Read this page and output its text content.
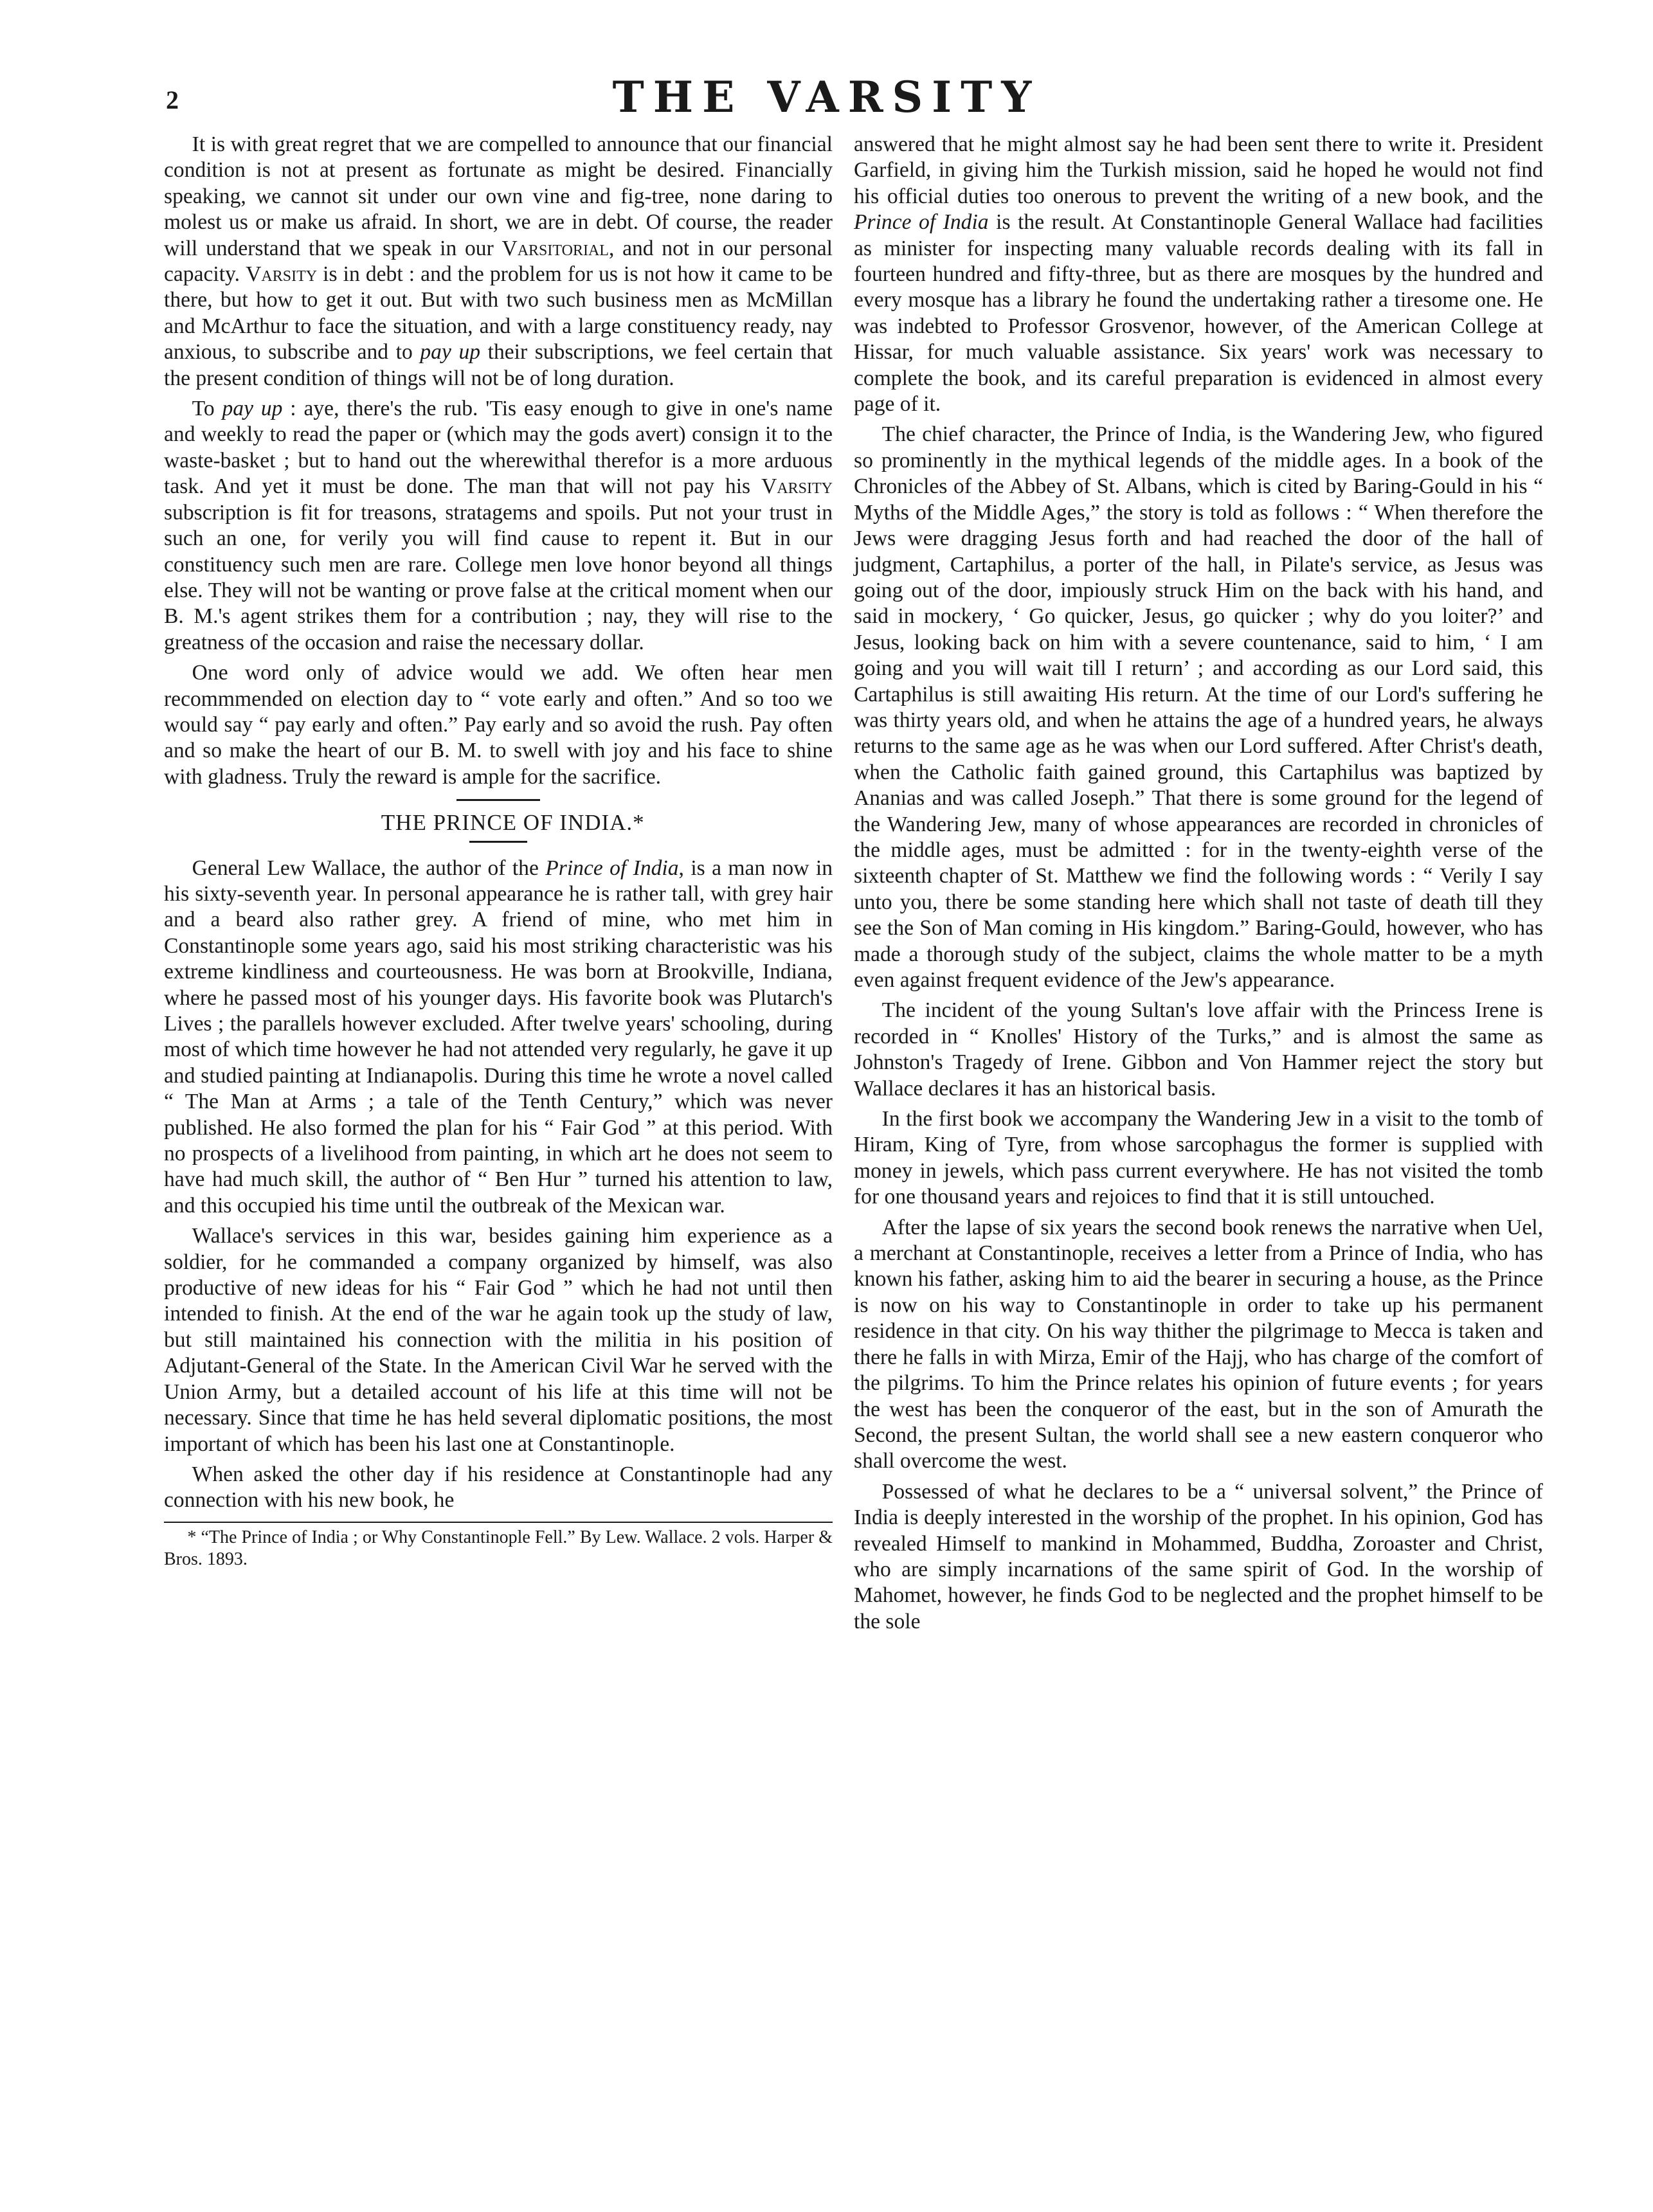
2	THE VARSITY

It is with great regret that we are compelled to announce that our financial condition is not at present as fortunate as might be desired. Financially speaking, we cannot sit under our own vine and fig-tree, none daring to molest us or make us afraid. In short, we are in debt. Of course, the reader will understand that we speak in our Varsitorial, and not in our personal capacity. Varsity is in debt : and the problem for us is not how it came to be there, but how to get it out. But with two such business men as McMillan and McArthur to face the situation, and with a large constituency ready, nay anxious, to subscribe and to pay up their subscriptions, we feel certain that the present condition of things will not be of long duration.

To pay up : aye, there's the rub. 'Tis easy enough to give in one's name and weekly to read the paper or (which may the gods avert) consign it to the waste-basket ; but to hand out the wherewithal therefor is a more arduous task. And yet it must be done. The man that will not pay his Varsity subscription is fit for treasons, stratagems and spoils. Put not your trust in such an one, for verily you will find cause to repent it. But in our constituency such men are rare. College men love honor beyond all things else. They will not be wanting or prove false at the critical moment when our B. M.'s agent strikes them for a contribution ; nay, they will rise to the greatness of the occasion and raise the necessary dollar.

One word only of advice would we add. We often hear men recommmended on election day to “ vote early and often.” And so too we would say “ pay early and often.” Pay early and so avoid the rush. Pay often and so make the heart of our B. M. to swell with joy and his face to shine with gladness. Truly the reward is ample for the sacrifice.

THE PRINCE OF INDIA.*

General Lew Wallace, the author of the Prince of India, is a man now in his sixty-seventh year. In personal appearance he is rather tall, with grey hair and a beard also rather grey. A friend of mine, who met him in Constantinople some years ago, said his most striking characteristic was his extreme kindliness and courteousness. He was born at Brookville, Indiana, where he passed most of his younger days. His favorite book was Plutarch's Lives ; the parallels however excluded. After twelve years' schooling, during most of which time however he had not attended very regularly, he gave it up and studied painting at Indianapolis. During this time he wrote a novel called “ The Man at Arms ; a tale of the Tenth Century,” which was never published. He also formed the plan for his “ Fair God ” at this period. With no prospects of a livelihood from painting, in which art he does not seem to have had much skill, the author of “ Ben Hur ” turned his attention to law, and this occupied his time until the outbreak of the Mexican war.

Wallace's services in this war, besides gaining him experience as a soldier, for he commanded a company organized by himself, was also productive of new ideas for his “ Fair God ” which he had not until then intended to finish. At the end of the war he again took up the study of law, but still maintained his connection with the militia in his position of Adjutant-General of the State. In the American Civil War he served with the Union Army, but a detailed account of his life at this time will not be necessary. Since that time he has held several diplomatic positions, the most important of which has been his last one at Constantinople.

When asked the other day if his residence at Constantinople had any connection with his new book, he

* “The Prince of India ; or Why Constantinople Fell.” By Lew. Wallace. 2 vols. Harper & Bros. 1893.

answered that he might almost say he had been sent there to write it. President Garfield, in giving him the Turkish mission, said he hoped he would not find his official duties too onerous to prevent the writing of a new book, and the Prince of India is the result. At Constantinople General Wallace had facilities as minister for inspecting many valuable records dealing with its fall in fourteen hundred and fifty-three, but as there are mosques by the hundred and every mosque has a library he found the undertaking rather a tiresome one. He was indebted to Professor Grosvenor, however, of the American College at Hissar, for much valuable assistance. Six years' work was necessary to complete the book, and its careful preparation is evidenced in almost every page of it.

The chief character, the Prince of India, is the Wandering Jew, who figured so prominently in the mythical legends of the middle ages. In a book of the Chronicles of the Abbey of St. Albans, which is cited by Baring-Gould in his “ Myths of the Middle Ages,” the story is told as follows : “ When therefore the Jews were dragging Jesus forth and had reached the door of the hall of judgment, Cartaphilus, a porter of the hall, in Pilate's service, as Jesus was going out of the door, impiously struck Him on the back with his hand, and said in mockery, ‘ Go quicker, Jesus, go quicker ; why do you loiter?’ and Jesus, looking back on him with a severe countenance, said to him, ‘ I am going and you will wait till I return’ ; and according as our Lord said, this Cartaphilus is still awaiting His return. At the time of our Lord's suffering he was thirty years old, and when he attains the age of a hundred years, he always returns to the same age as he was when our Lord suffered. After Christ's death, when the Catholic faith gained ground, this Cartaphilus was baptized by Ananias and was called Joseph.” That there is some ground for the legend of the Wandering Jew, many of whose appearances are recorded in chronicles of the middle ages, must be admitted : for in the twenty-eighth verse of the sixteenth chapter of St. Matthew we find the following words : “ Verily I say unto you, there be some standing here which shall not taste of death till they see the Son of Man coming in His kingdom.” Baring-Gould, however, who has made a thorough study of the subject, claims the whole matter to be a myth even against frequent evidence of the Jew's appearance.

The incident of the young Sultan's love affair with the Princess Irene is recorded in “ Knolles' History of the Turks,” and is almost the same as Johnston's Tragedy of Irene. Gibbon and Von Hammer reject the story but Wallace declares it has an historical basis.

In the first book we accompany the Wandering Jew in a visit to the tomb of Hiram, King of Tyre, from whose sarcophagus the former is supplied with money in jewels, which pass current everywhere. He has not visited the tomb for one thousand years and rejoices to find that it is still untouched.

After the lapse of six years the second book renews the narrative when Uel, a merchant at Constantinople, receives a letter from a Prince of India, who has known his father, asking him to aid the bearer in securing a house, as the Prince is now on his way to Constantinople in order to take up his permanent residence in that city. On his way thither the pilgrimage to Mecca is taken and there he falls in with Mirza, Emir of the Hajj, who has charge of the comfort of the pilgrims. To him the Prince relates his opinion of future events ; for years the west has been the conqueror of the east, but in the son of Amurath the Second, the present Sultan, the world shall see a new eastern conqueror who shall overcome the west.

Possessed of what he declares to be a “ universal solvent,” the Prince of India is deeply interested in the worship of the prophet. In his opinion, God has revealed Himself to mankind in Mohammed, Buddha, Zoroaster and Christ, who are simply incarnations of the same spirit of God. In the worship of Mahomet, however, he finds God to be neglected and the prophet himself to be the sole
